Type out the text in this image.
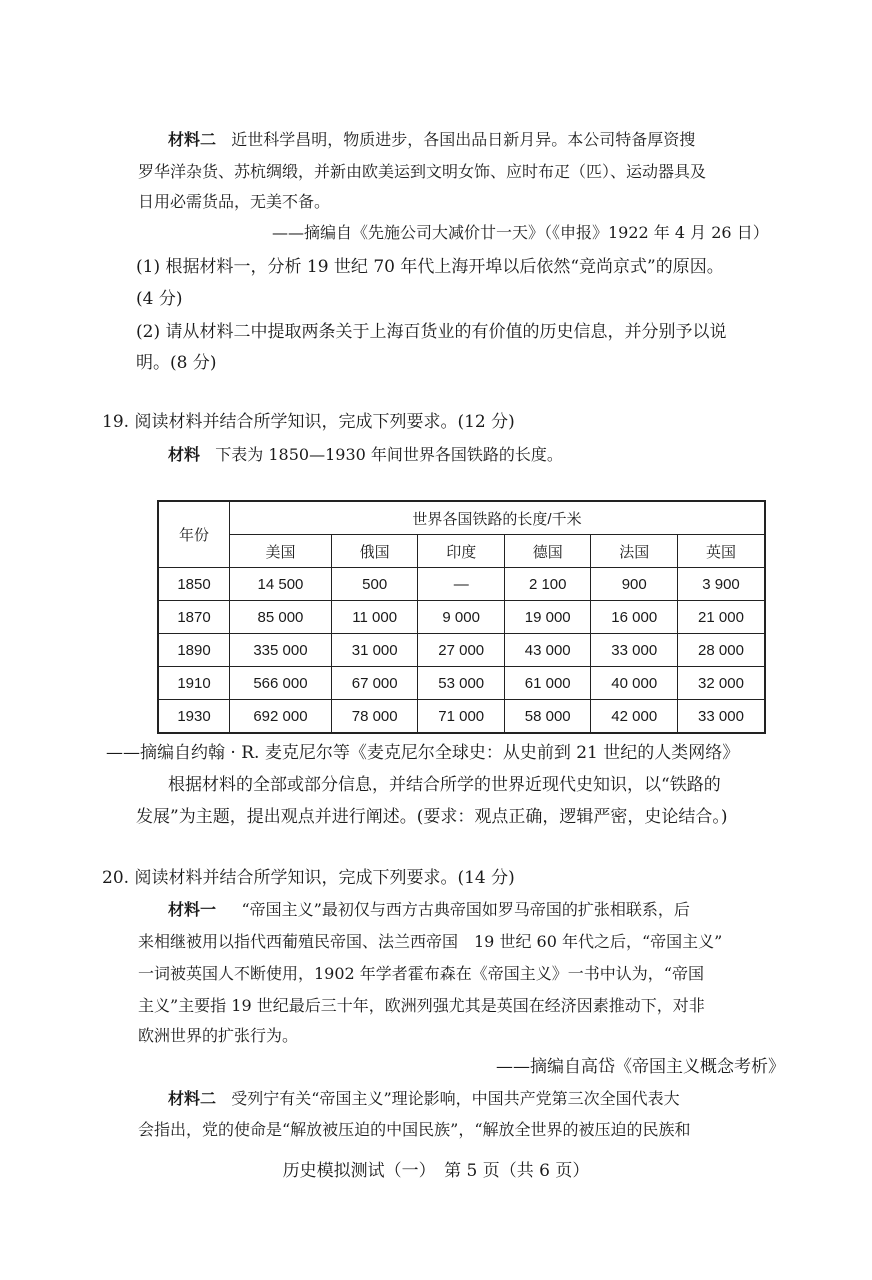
材料二 近世科学昌明，物质进步，各国出品日新月异。本公司特备厚资搜
罗华洋杂货、苏杭绸缎，并新由欧美运到文明女饰、应时布疋（匹）、运动器具及
日用必需货品，无美不备。
——摘编自《先施公司大减价廿一天》（《申报》1922 年 4 月 26 日）
(1) 根据材料一，分析 19 世纪 70 年代上海开埠以后依然“竞尚京式”的原因。
(4 分)
(2) 请从材料二中提取两条关于上海百货业的有价值的历史信息，并分别予以说
明。(8 分)
19. 阅读材料并结合所学知识，完成下列要求。(12 分)
材料 下表为 1850—1930 年间世界各国铁路的长度。
年份	世界各国铁路的长度/千米					
	美国	俄国	印度	德国	法国	英国
1850	14 500	500	—	2 100	900	3 900
1870	85 000	11 000	9 000	19 000	16 000	21 000
1890	335 000	31 000	27 000	43 000	33 000	28 000
1910	566 000	67 000	53 000	61 000	40 000	32 000
1930	692 000	78 000	71 000	58 000	42 000	33 000
——摘编自约翰 · R. 麦克尼尔等《麦克尼尔全球史：从史前到 21 世纪的人类网络》
根据材料的全部或部分信息，并结合所学的世界近现代史知识，以“铁路的
发展”为主题，提出观点并进行阐述。(要求：观点正确，逻辑严密，史论结合。)
20. 阅读材料并结合所学知识，完成下列要求。(14 分)
材料一 “帝国主义”最初仅与西方古典帝国如罗马帝国的扩张相联系，后
来相继被用以指代西葡殖民帝国、法兰西帝国　19 世纪 60 年代之后，“帝国主义”
一词被英国人不断使用，1902 年学者霍布森在《帝国主义》一书中认为，“帝国
主义”主要指 19 世纪最后三十年，欧洲列强尤其是英国在经济因素推动下，对非
欧洲世界的扩张行为。
——摘编自高岱《帝国主义概念考析》
材料二 受列宁有关“帝国主义”理论影响，中国共产党第三次全国代表大
会指出，党的使命是“解放被压迫的中国民族”，“解放全世界的被压迫的民族和
历史模拟测试（一）　第 5 页（共 6 页）
